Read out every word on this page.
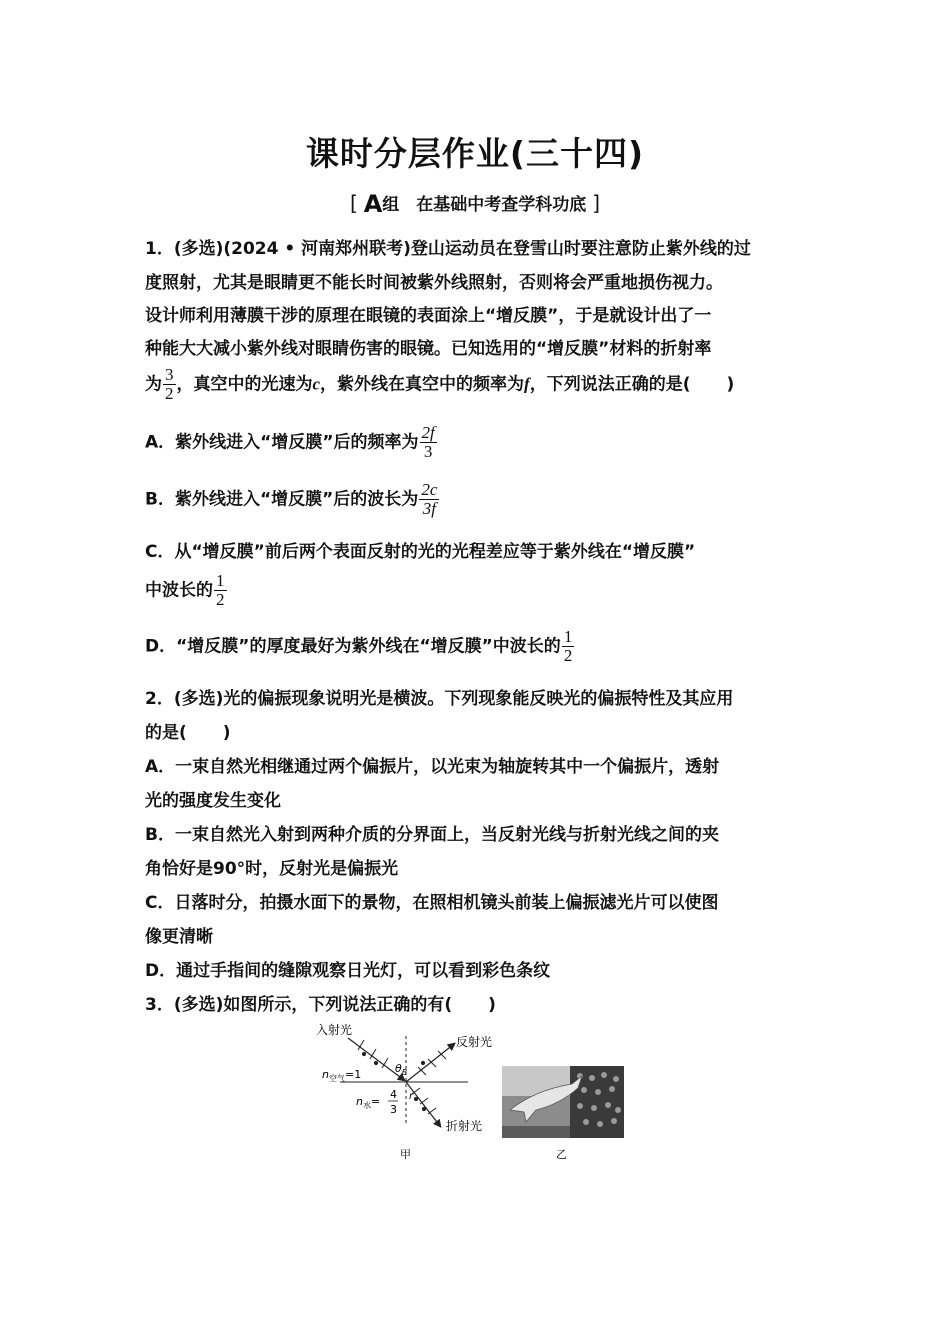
课时分层作业(三十四)
[ A组　在基础中考查学科功底 ]
1．(多选)(2024 • 河南郑州联考)登山运动员在登雪山时要注意防止紫外线的过
度照射，尤其是眼睛更不能长时间被紫外线照射，否则将会严重地损伤视力。
设计师利用薄膜干涉的原理在眼镜的表面涂上“增反膜”，于是就设计出了一
种能大大减小紫外线对眼睛伤害的眼镜。已知选用的“增反膜”材料的折射率
为 $\frac{3}{2}$ ，真空中的光速为c，紫外线在真空中的频率为f，下列说法正确的是( )
A．紫外线进入“增反膜”后的频率为 $\frac{2f}{3}$
B．紫外线进入“增反膜”后的波长为 $\frac{2c}{3f}$
C．从“增反膜”前后两个表面反射的光的光程差应等于紫外线在“增反膜”
中波长的 $\frac{1}{2}$
D．“增反膜”的厚度最好为紫外线在“增反膜”中波长的 $\frac{1}{2}$
2．(多选)光的偏振现象说明光是横波。下列现象能反映光的偏振特性及其应用
的是( )
A．一束自然光相继通过两个偏振片，以光束为轴旋转其中一个偏振片，透射
光的强度发生变化
B．一束自然光入射到两种介质的分界面上，当反射光线与折射光线之间的夹
角恰好是90°时，反射光是偏振光
C．日落时分，拍摄水面下的景物，在照相机镜头前装上偏振滤光片可以使图
像更清晰
D．通过手指间的缝隙观察日光灯，可以看到彩色条纹
3．(多选)如图所示，下列说法正确的有( )
入射光
反射光
折射光
$\theta_B$
r
$n_{空气}=1$
$n_水=$
4
3
甲	乙
